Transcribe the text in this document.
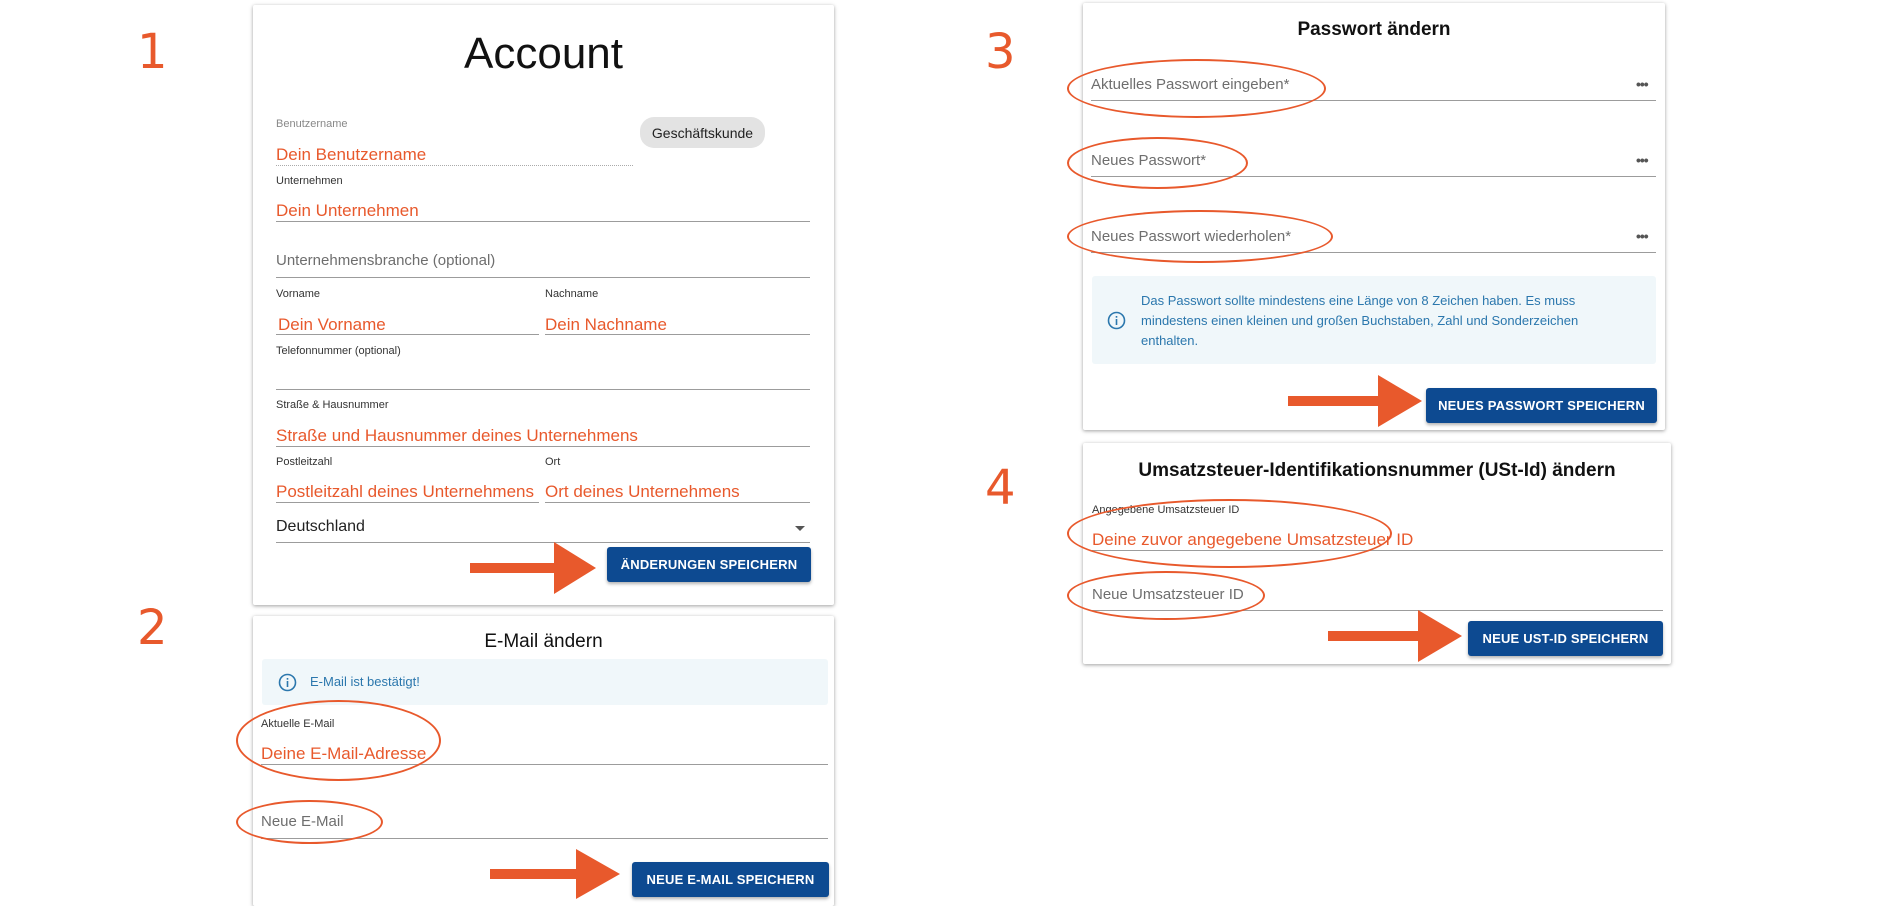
1
2
3
4
Account
Benutzername
Dein Benutzername
Geschäftskunde
Unternehmen
Dein Unternehmen
Unternehmensbranche (optional)
Vorname
Dein Vorname
Nachname
Dein Nachname
Telefonnummer (optional)
Straße & Hausnummer
Straße und Hausnummer deines Unternehmens
Postleitzahl
Postleitzahl deines Unternehmens
Ort
Ort deines Unternehmens
Deutschland
ÄNDERUNGEN SPEICHERN
E-Mail ändern
E-Mail ist bestätigt!
Aktuelle E-Mail
Deine E-Mail-Adresse
Neue E-Mail
NEUE E-MAIL SPEICHERN
Passwort ändern
Aktuelles Passwort eingeben*	•••
Neues Passwort*	•••
Neues Passwort wiederholen*	•••
Das Passwort sollte mindestens eine Länge von 8 Zeichen haben. Es muss
mindestens einen kleinen und großen Buchstaben, Zahl und Sonderzeichen
enthalten.
NEUES PASSWORT SPEICHERN
Umsatzsteuer-Identifikationsnummer (USt-Id) ändern
Angegebene Umsatzsteuer ID
Deine zuvor angegebene Umsatzsteuer ID
Neue Umsatzsteuer ID
NEUE UST-ID SPEICHERN
